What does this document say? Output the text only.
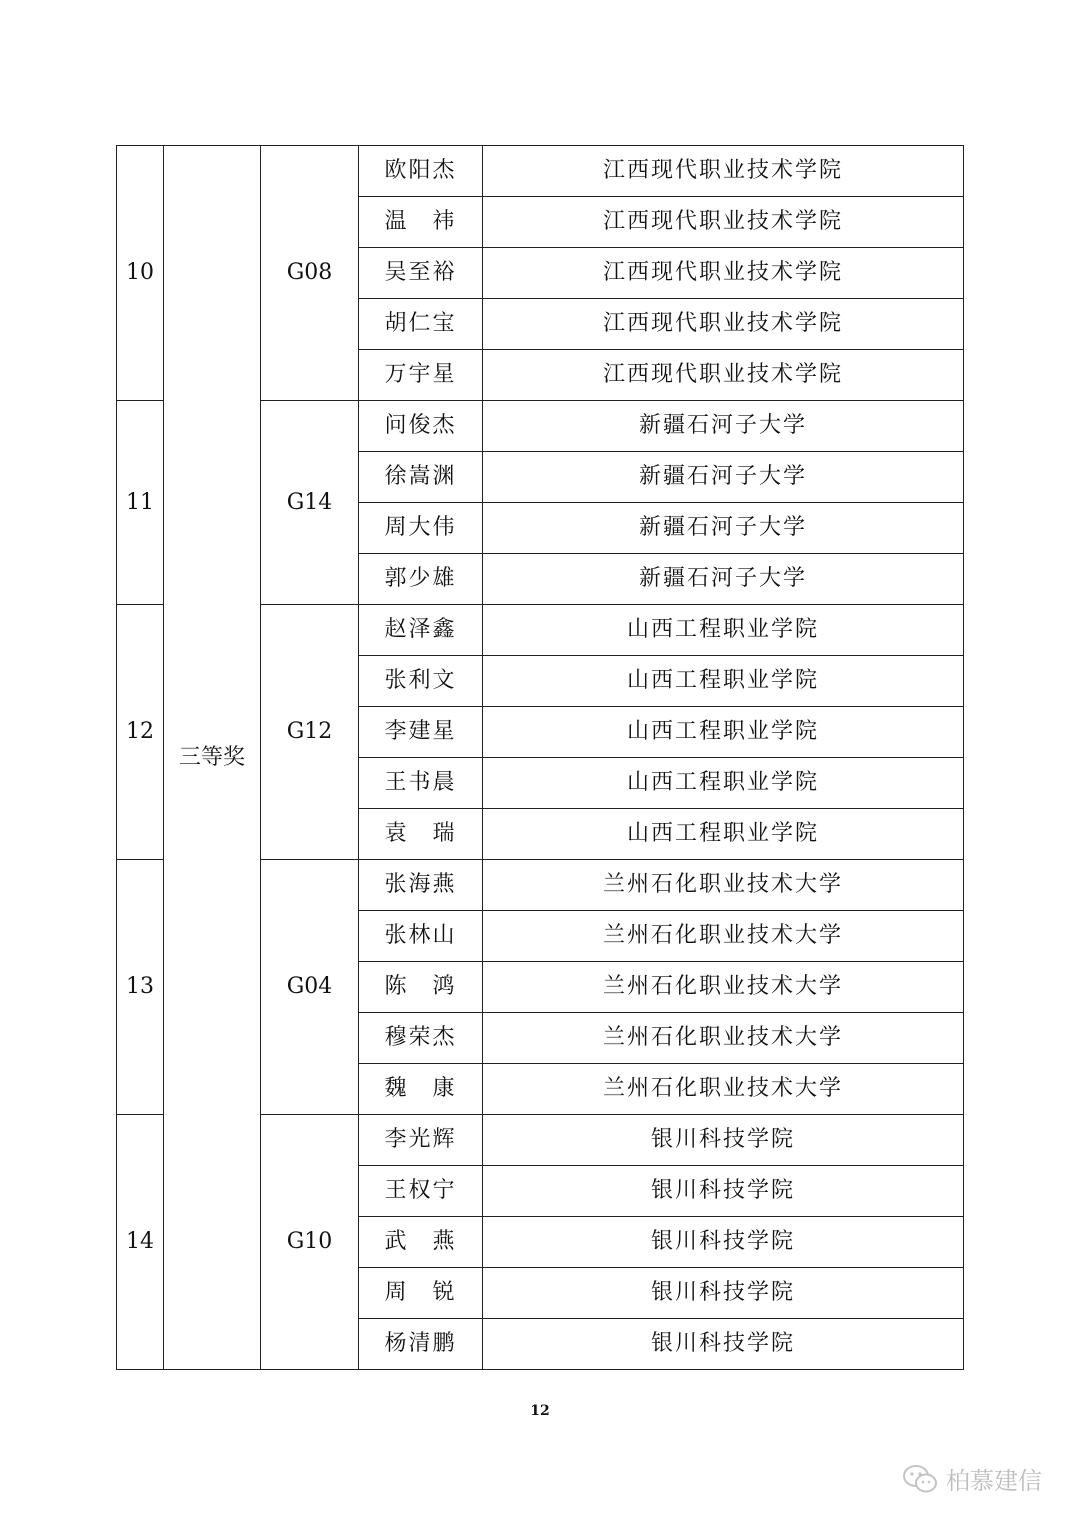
10	三等奖	G08	欧阳杰	江西现代职业技术学院
			温　祎	江西现代职业技术学院
			吴至裕	江西现代职业技术学院
			胡仁宝	江西现代职业技术学院
			万宇星	江西现代职业技术学院
11		G14	问俊杰	新疆石河子大学
			徐嵩渊	新疆石河子大学
			周大伟	新疆石河子大学
			郭少雄	新疆石河子大学
12		G12	赵泽鑫	山西工程职业学院
			张利文	山西工程职业学院
			李建星	山西工程职业学院
			王书晨	山西工程职业学院
			袁　瑞	山西工程职业学院
13		G04	张海燕	兰州石化职业技术大学
			张林山	兰州石化职业技术大学
			陈　鸿	兰州石化职业技术大学
			穆荣杰	兰州石化职业技术大学
			魏　康	兰州石化职业技术大学
14		G10	李光辉	银川科技学院
			王权宁	银川科技学院
			武　燕	银川科技学院
			周　锐	银川科技学院
			杨清鹏	银川科技学院
12
柏慕建信
